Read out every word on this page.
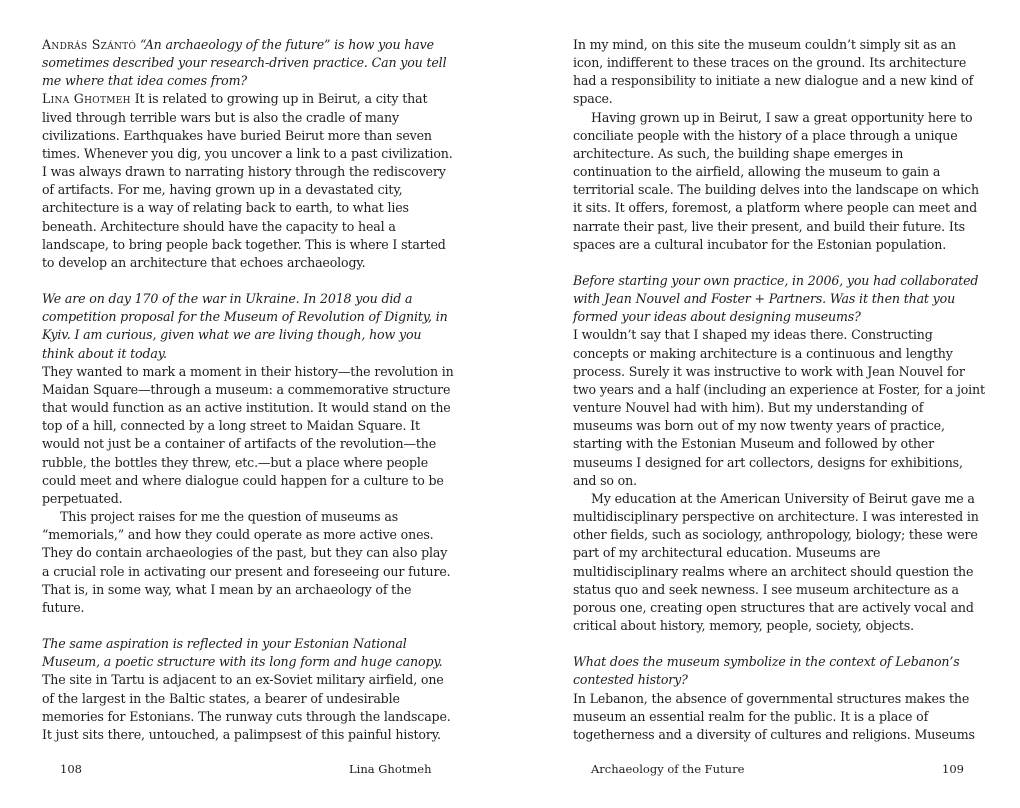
András Szántó “An archaeology of the future” is how you have sometimes described your research-driven practice. Can you tell me where that idea comes from?

Lina Ghotmeh It is related to growing up in Beirut, a city that lived through terrible wars but is also the cradle of many civilizations. Earthquakes have buried Beirut more than seven times. Whenever you dig, you uncover a link to a past civilization. I was always drawn to narrating history through the rediscovery of artifacts. For me, having grown up in a devastated city, architecture is a way of relating back to earth, to what lies beneath. Architecture should have the capacity to heal a landscape, to bring people back together. This is where I started to develop an architecture that echoes archaeology.

We are on day 170 of the war in Ukraine. In 2018 you did a competition proposal for the Museum of Revolution of Dignity, in Kyiv. I am curious, given what we are living though, how you think about it today.

They wanted to mark a moment in their history—the revolution in Maidan Square—through a museum: a commemorative structure that would function as an active institution. It would stand on the top of a hill, connected by a long street to Maidan Square. It would not just be a container of artifacts of the revolution—the rubble, the bottles they threw, etc.—but a place where people could meet and where dialogue could happen for a culture to be perpetuated.

This project raises for me the question of museums as “memorials,” and how they could operate as more active ones. They do contain archaeologies of the past, but they can also play a crucial role in activating our present and foreseeing our future. That is, in some way, what I mean by an archaeology of the future.

The same aspiration is reflected in your Estonian National Museum, a poetic structure with its long form and huge canopy.

The site in Tartu is adjacent to an ex-Soviet military airfield, one of the largest in the Baltic states, a bearer of undesirable memories for Estonians. The runway cuts through the landscape. It just sits there, untouched, a palimpsest of this painful history.

108	Lina Ghotmeh

In my mind, on this site the museum couldn’t simply sit as an icon, indifferent to these traces on the ground. Its architecture had a responsibility to initiate a new dialogue and a new kind of space.

Having grown up in Beirut, I saw a great opportunity here to conciliate people with the history of a place through a unique architecture. As such, the building shape emerges in continuation to the airfield, allowing the museum to gain a territorial scale. The building delves into the landscape on which it sits. It offers, foremost, a platform where people can meet and narrate their past, live their present, and build their future. Its spaces are a cultural incubator for the Estonian population.

Before starting your own practice, in 2006, you had collaborated with Jean Nouvel and Foster + Partners. Was it then that you formed your ideas about designing museums?

I wouldn’t say that I shaped my ideas there. Constructing concepts or making architecture is a continuous and lengthy process. Surely it was instructive to work with Jean Nouvel for two years and a half (including an experience at Foster, for a joint venture Nouvel had with him). But my understanding of museums was born out of my now twenty years of practice, starting with the Estonian Museum and followed by other museums I designed for art collectors, designs for exhibitions, and so on.

My education at the American University of Beirut gave me a multidisciplinary perspective on architecture. I was interested in other fields, such as sociology, anthropology, biology; these were part of my architectural education. Museums are multidisciplinary realms where an architect should question the status quo and seek newness. I see museum architecture as a porous one, creating open structures that are actively vocal and critical about history, memory, people, society, objects.

What does the museum symbolize in the context of Lebanon’s contested history?

In Lebanon, the absence of governmental structures makes the museum an essential realm for the public. It is a place of togetherness and a diversity of cultures and religions. Museums

Archaeology of the Future	109
